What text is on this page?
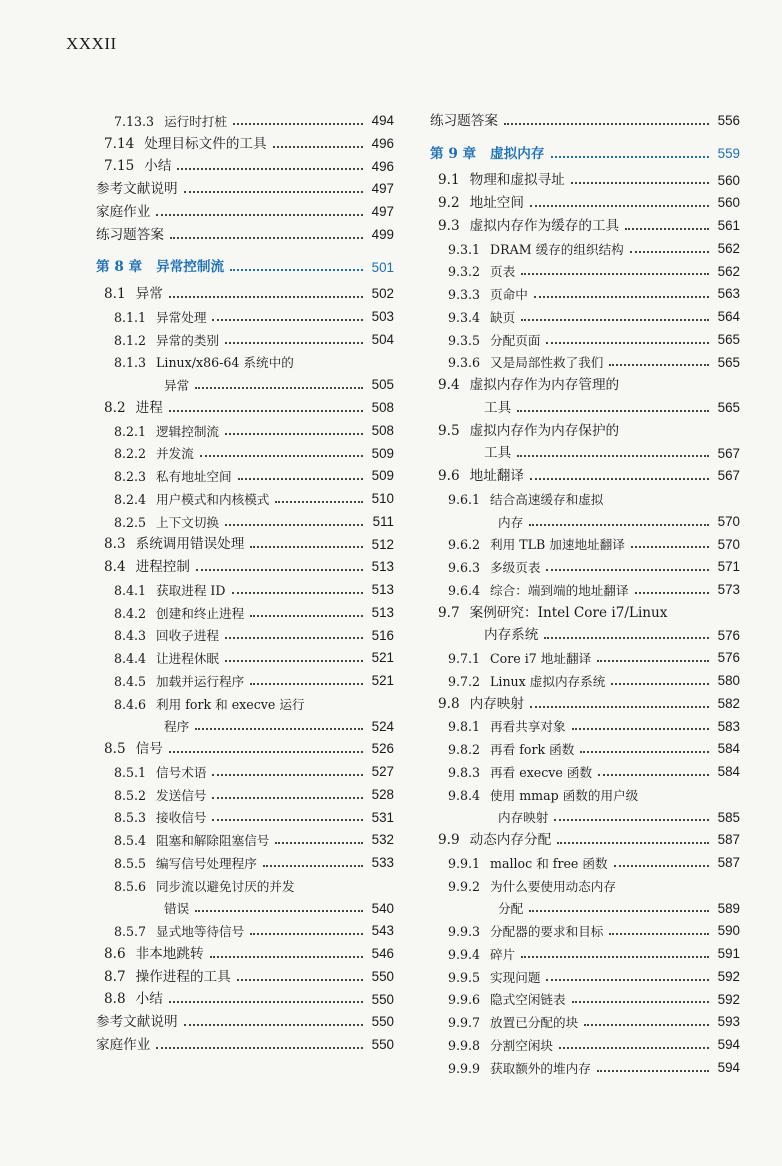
XXXII
7.13.3 运行时打桩	494
7.14 处理目标文件的工具	496
7.15 小结	496
参考文献说明	497
家庭作业	497
练习题答案	499
第 8 章 异常控制流	501
8.1 异常	502
8.1.1 异常处理	503
8.1.2 异常的类别	504
8.1.3 Linux/x86-64 系统中的
异常	505
8.2 进程	508
8.2.1 逻辑控制流	508
8.2.2 并发流	509
8.2.3 私有地址空间	509
8.2.4 用户模式和内核模式	510
8.2.5 上下文切换	511
8.3 系统调用错误处理	512
8.4 进程控制	513
8.4.1 获取进程 ID	513
8.4.2 创建和终止进程	513
8.4.3 回收子进程	516
8.4.4 让进程休眠	521
8.4.5 加载并运行程序	521
8.4.6 利用 fork 和 execve 运行
程序	524
8.5 信号	526
8.5.1 信号术语	527
8.5.2 发送信号	528
8.5.3 接收信号	531
8.5.4 阻塞和解除阻塞信号	532
8.5.5 编写信号处理程序	533
8.5.6 同步流以避免讨厌的并发
错误	540
8.5.7 显式地等待信号	543
8.6 非本地跳转	546
8.7 操作进程的工具	550
8.8 小结	550
参考文献说明	550
家庭作业	550
练习题答案	556
第 9 章 虚拟内存	559
9.1 物理和虚拟寻址	560
9.2 地址空间	560
9.3 虚拟内存作为缓存的工具	561
9.3.1 DRAM 缓存的组织结构	562
9.3.2 页表	562
9.3.3 页命中	563
9.3.4 缺页	564
9.3.5 分配页面	565
9.3.6 又是局部性救了我们	565
9.4 虚拟内存作为内存管理的
工具	565
9.5 虚拟内存作为内存保护的
工具	567
9.6 地址翻译	567
9.6.1 结合高速缓存和虚拟
内存	570
9.6.2 利用 TLB 加速地址翻译	570
9.6.3 多级页表	571
9.6.4 综合：端到端的地址翻译	573
9.7 案例研究：Intel Core i7/Linux
内存系统	576
9.7.1 Core i7 地址翻译	576
9.7.2 Linux 虚拟内存系统	580
9.8 内存映射	582
9.8.1 再看共享对象	583
9.8.2 再看 fork 函数	584
9.8.3 再看 execve 函数	584
9.8.4 使用 mmap 函数的用户级
内存映射	585
9.9 动态内存分配	587
9.9.1 malloc 和 free 函数	587
9.9.2 为什么要使用动态内存
分配	589
9.9.3 分配器的要求和目标	590
9.9.4 碎片	591
9.9.5 实现问题	592
9.9.6 隐式空闲链表	592
9.9.7 放置已分配的块	593
9.9.8 分割空闲块	594
9.9.9 获取额外的堆内存	594
